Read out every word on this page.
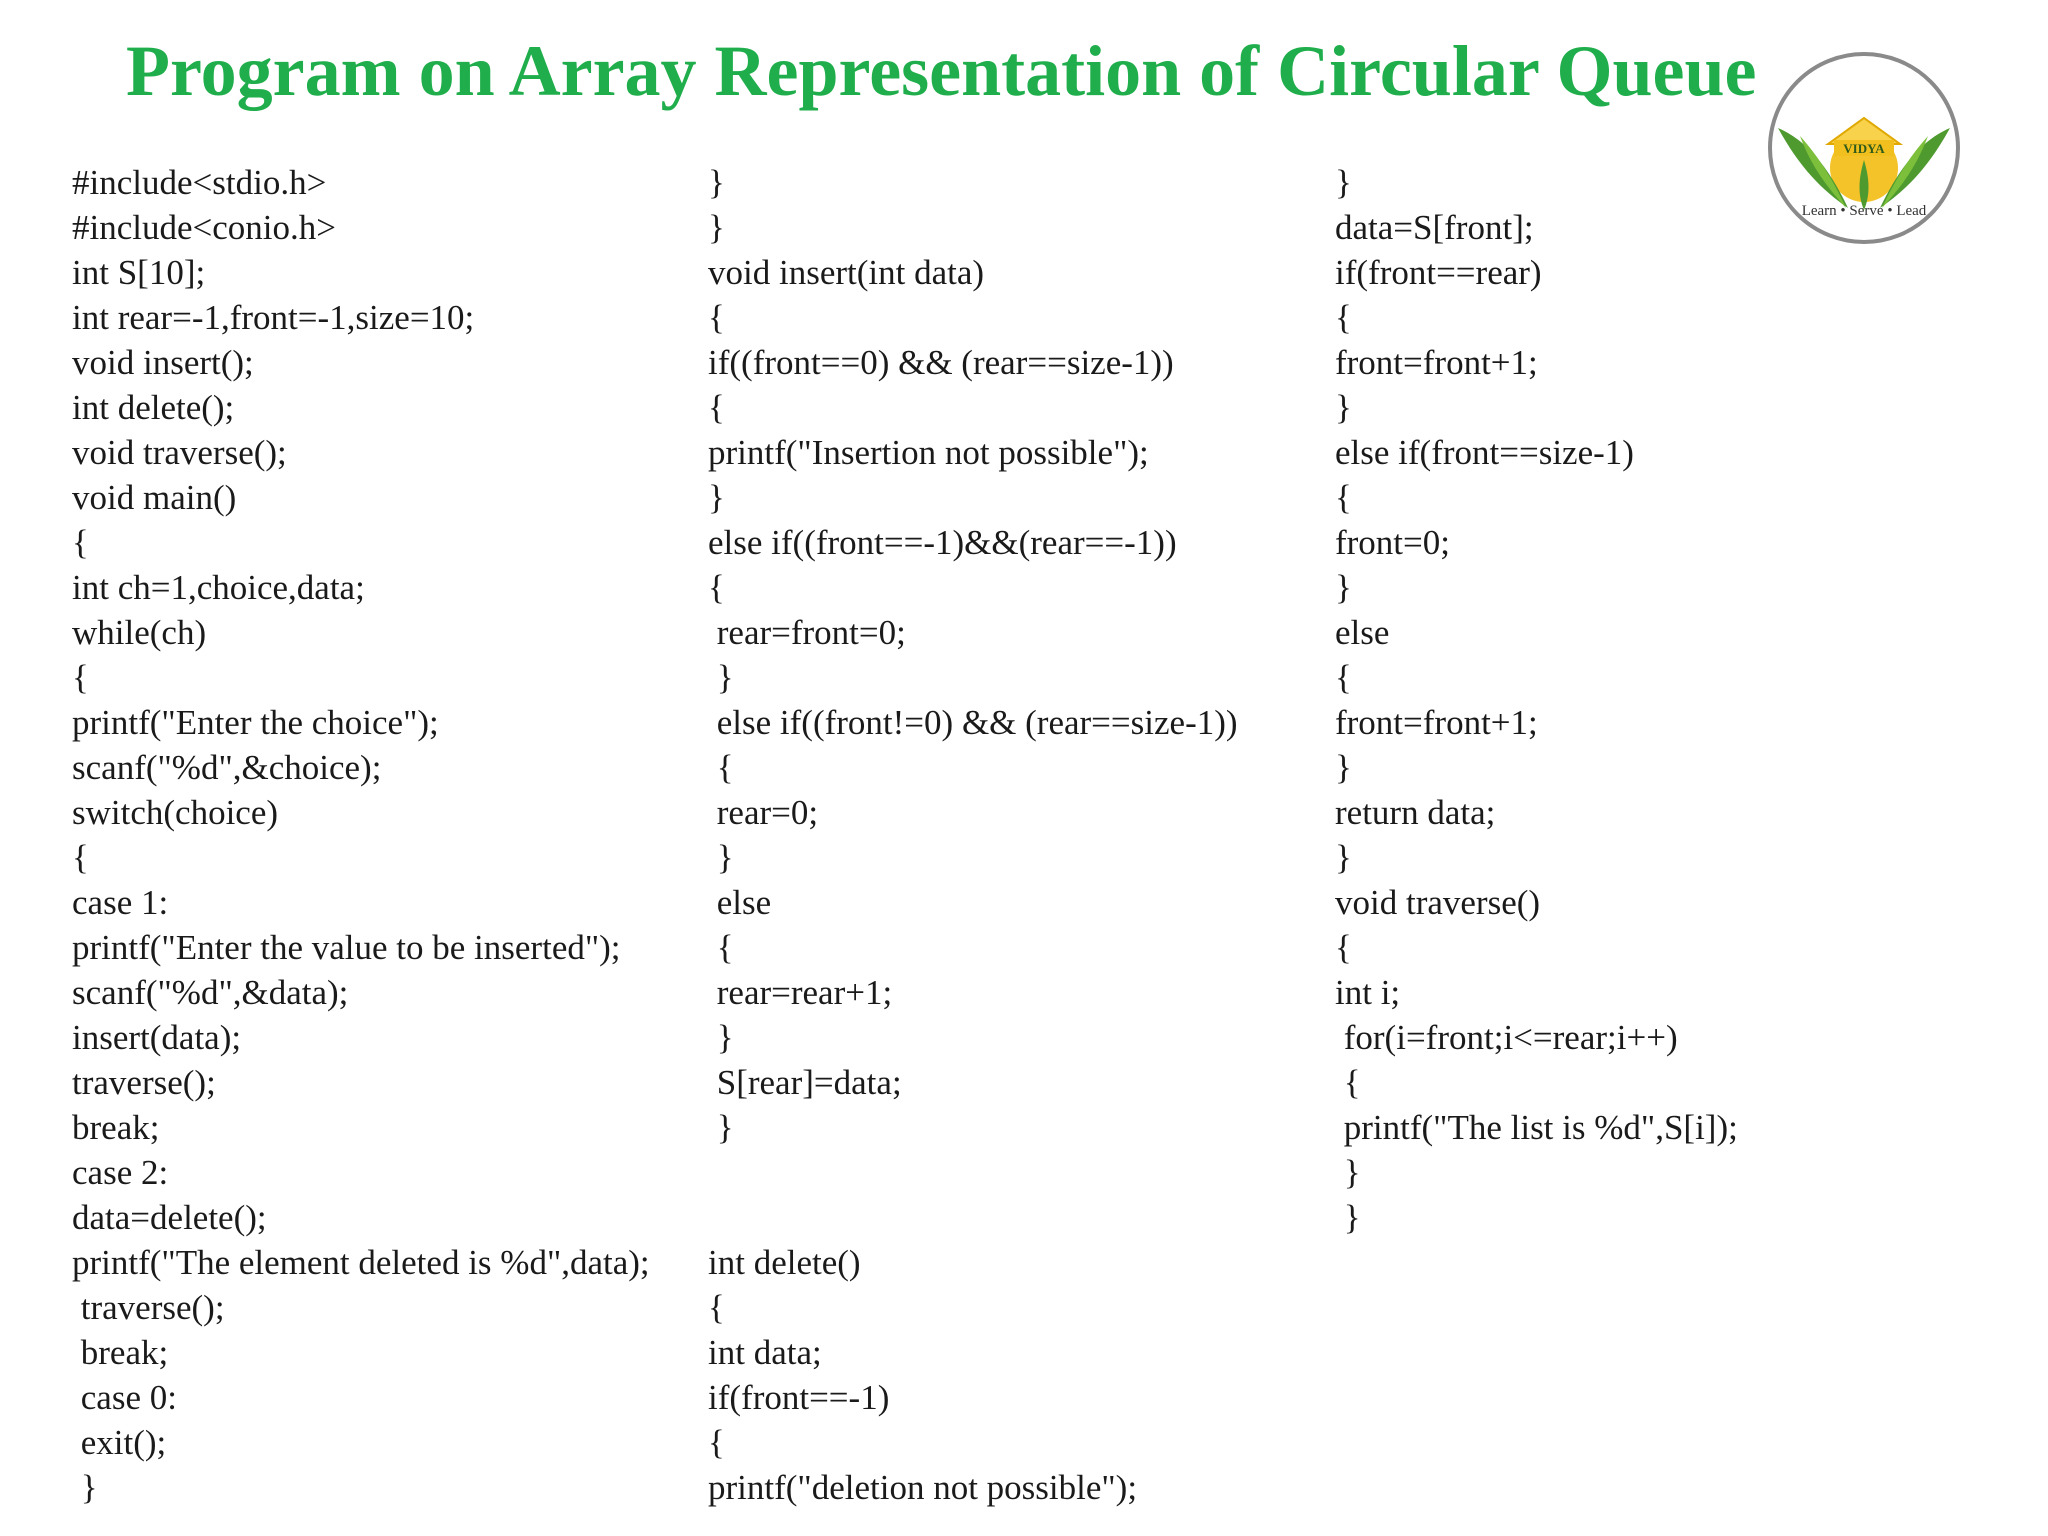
Program on Array Representation of Circular Queue
VIDYA
Learn • Serve • Lead
#include<stdio.h>
#include<conio.h>
int S[10];
int rear=-1,front=-1,size=10;
void insert();
int delete();
void traverse();
void main()
{
int ch=1,choice,data;
while(ch)
{
printf("Enter the choice");
scanf("%d",&choice);
switch(choice)
{
case 1:
printf("Enter the value to be inserted");
scanf("%d",&data);
insert(data);
traverse();
break;
case 2:
data=delete();
printf("The element deleted is %d",data);
traverse();
break;
case 0:
exit();
}
}
}
void insert(int data)
{
if((front==0) && (rear==size-1))
{
printf("Insertion not possible");
}
else if((front==-1)&&(rear==-1))
{
rear=front=0;
}
else if((front!=0) && (rear==size-1))
{
rear=0;
}
else
{
rear=rear+1;
}
S[rear]=data;
}
int delete()
{
int data;
if(front==-1)
{
printf("deletion not possible");
}
data=S[front];
if(front==rear)
{
front=front+1;
}
else if(front==size-1)
{
front=0;
}
else
{
front=front+1;
}
return data;
}
void traverse()
{
int i;
for(i=front;i<=rear;i++)
{
printf("The list is %d",S[i]);
}
}
